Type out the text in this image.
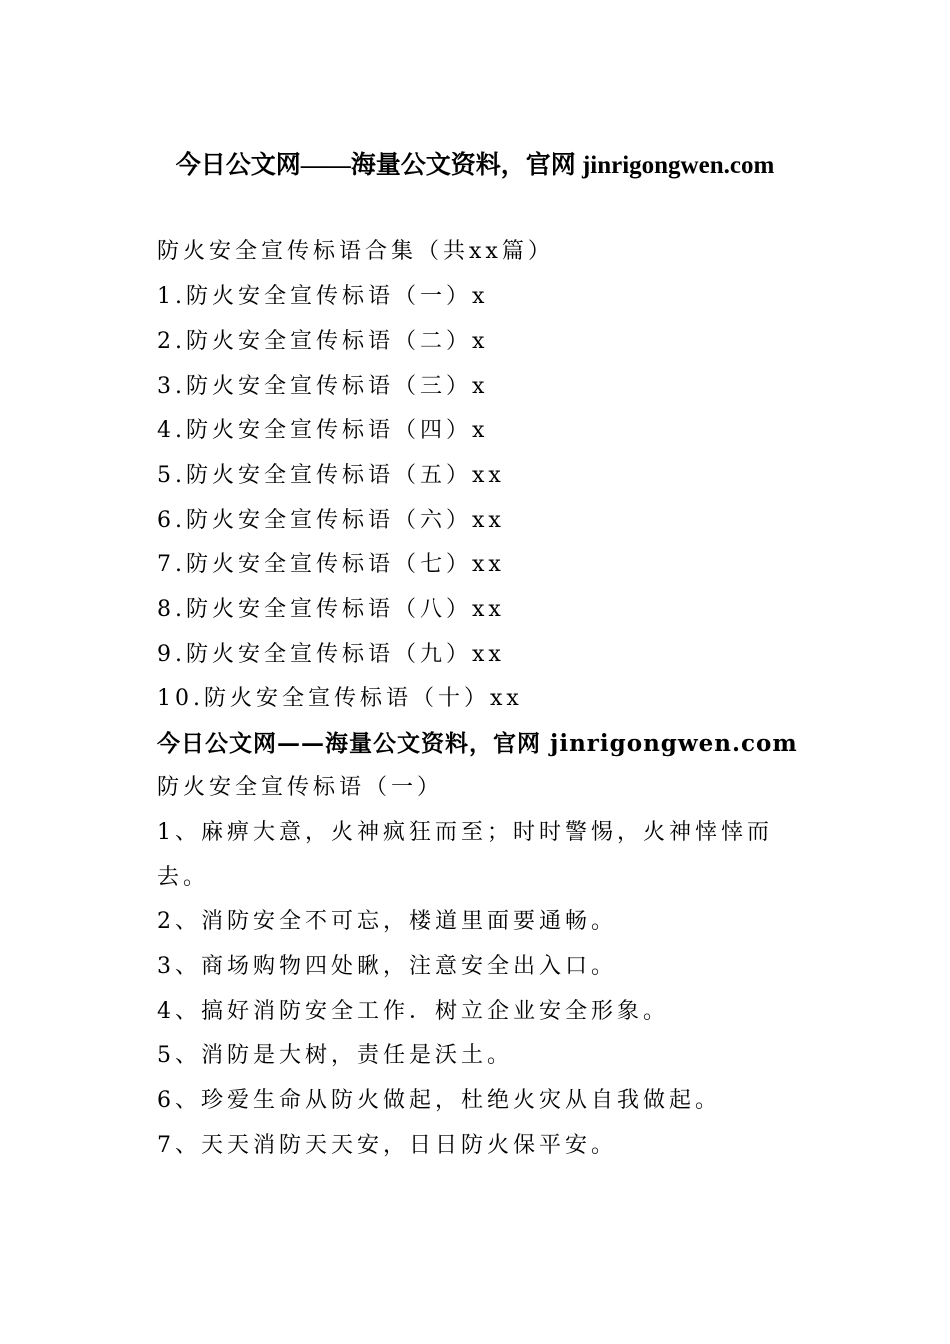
今日公文网——海量公文资料，官网 jinrigongwen.com
防火安全宣传标语合集（共xx篇）
1.防火安全宣传标语（一）x
2.防火安全宣传标语（二）x
3.防火安全宣传标语（三）x
4.防火安全宣传标语（四）x
5.防火安全宣传标语（五）xx
6.防火安全宣传标语（六）xx
7.防火安全宣传标语（七）xx
8.防火安全宣传标语（八）xx
9.防火安全宣传标语（九）xx
10.防火安全宣传标语（十）xx
今日公文网——海量公文资料，官网 jinrigongwen.com
防火安全宣传标语（一）
1、麻痹大意，火神疯狂而至；时时警惕，火神悻悻而
去。
2、消防安全不可忘，楼道里面要通畅。
3、商场购物四处瞅，注意安全出入口。
4、搞好消防安全工作．树立企业安全形象。
5、消防是大树，责任是沃土。
6、珍爱生命从防火做起，杜绝火灾从自我做起。
7、天天消防天天安，日日防火保平安。
